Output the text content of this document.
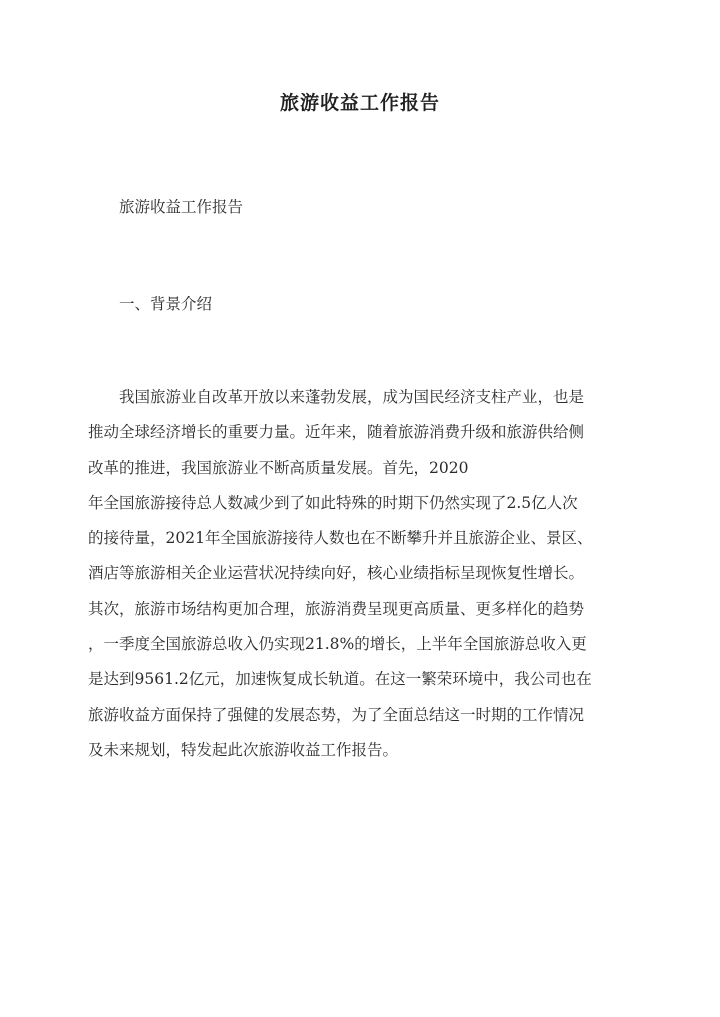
旅游收益工作报告
旅游收益工作报告
一、背景介绍
我国旅游业自改革开放以来蓬勃发展，成为国民经济支柱产业，也是
推动全球经济增长的重要力量。近年来，随着旅游消费升级和旅游供给侧
改革的推进，我国旅游业不断高质量发展。首先，2020
年全国旅游接待总人数减少到了如此特殊的时期下仍然实现了2.5亿人次
的接待量，2021年全国旅游接待人数也在不断攀升并且旅游企业、景区、
酒店等旅游相关企业运营状况持续向好，核心业绩指标呈现恢复性增长。
其次，旅游市场结构更加合理，旅游消费呈现更高质量、更多样化的趋势
，一季度全国旅游总收入仍实现21.8%的增长，上半年全国旅游总收入更
是达到9561.2亿元，加速恢复成长轨道。在这一繁荣环境中，我公司也在
旅游收益方面保持了强健的发展态势，为了全面总结这一时期的工作情况
及未来规划，特发起此次旅游收益工作报告。
